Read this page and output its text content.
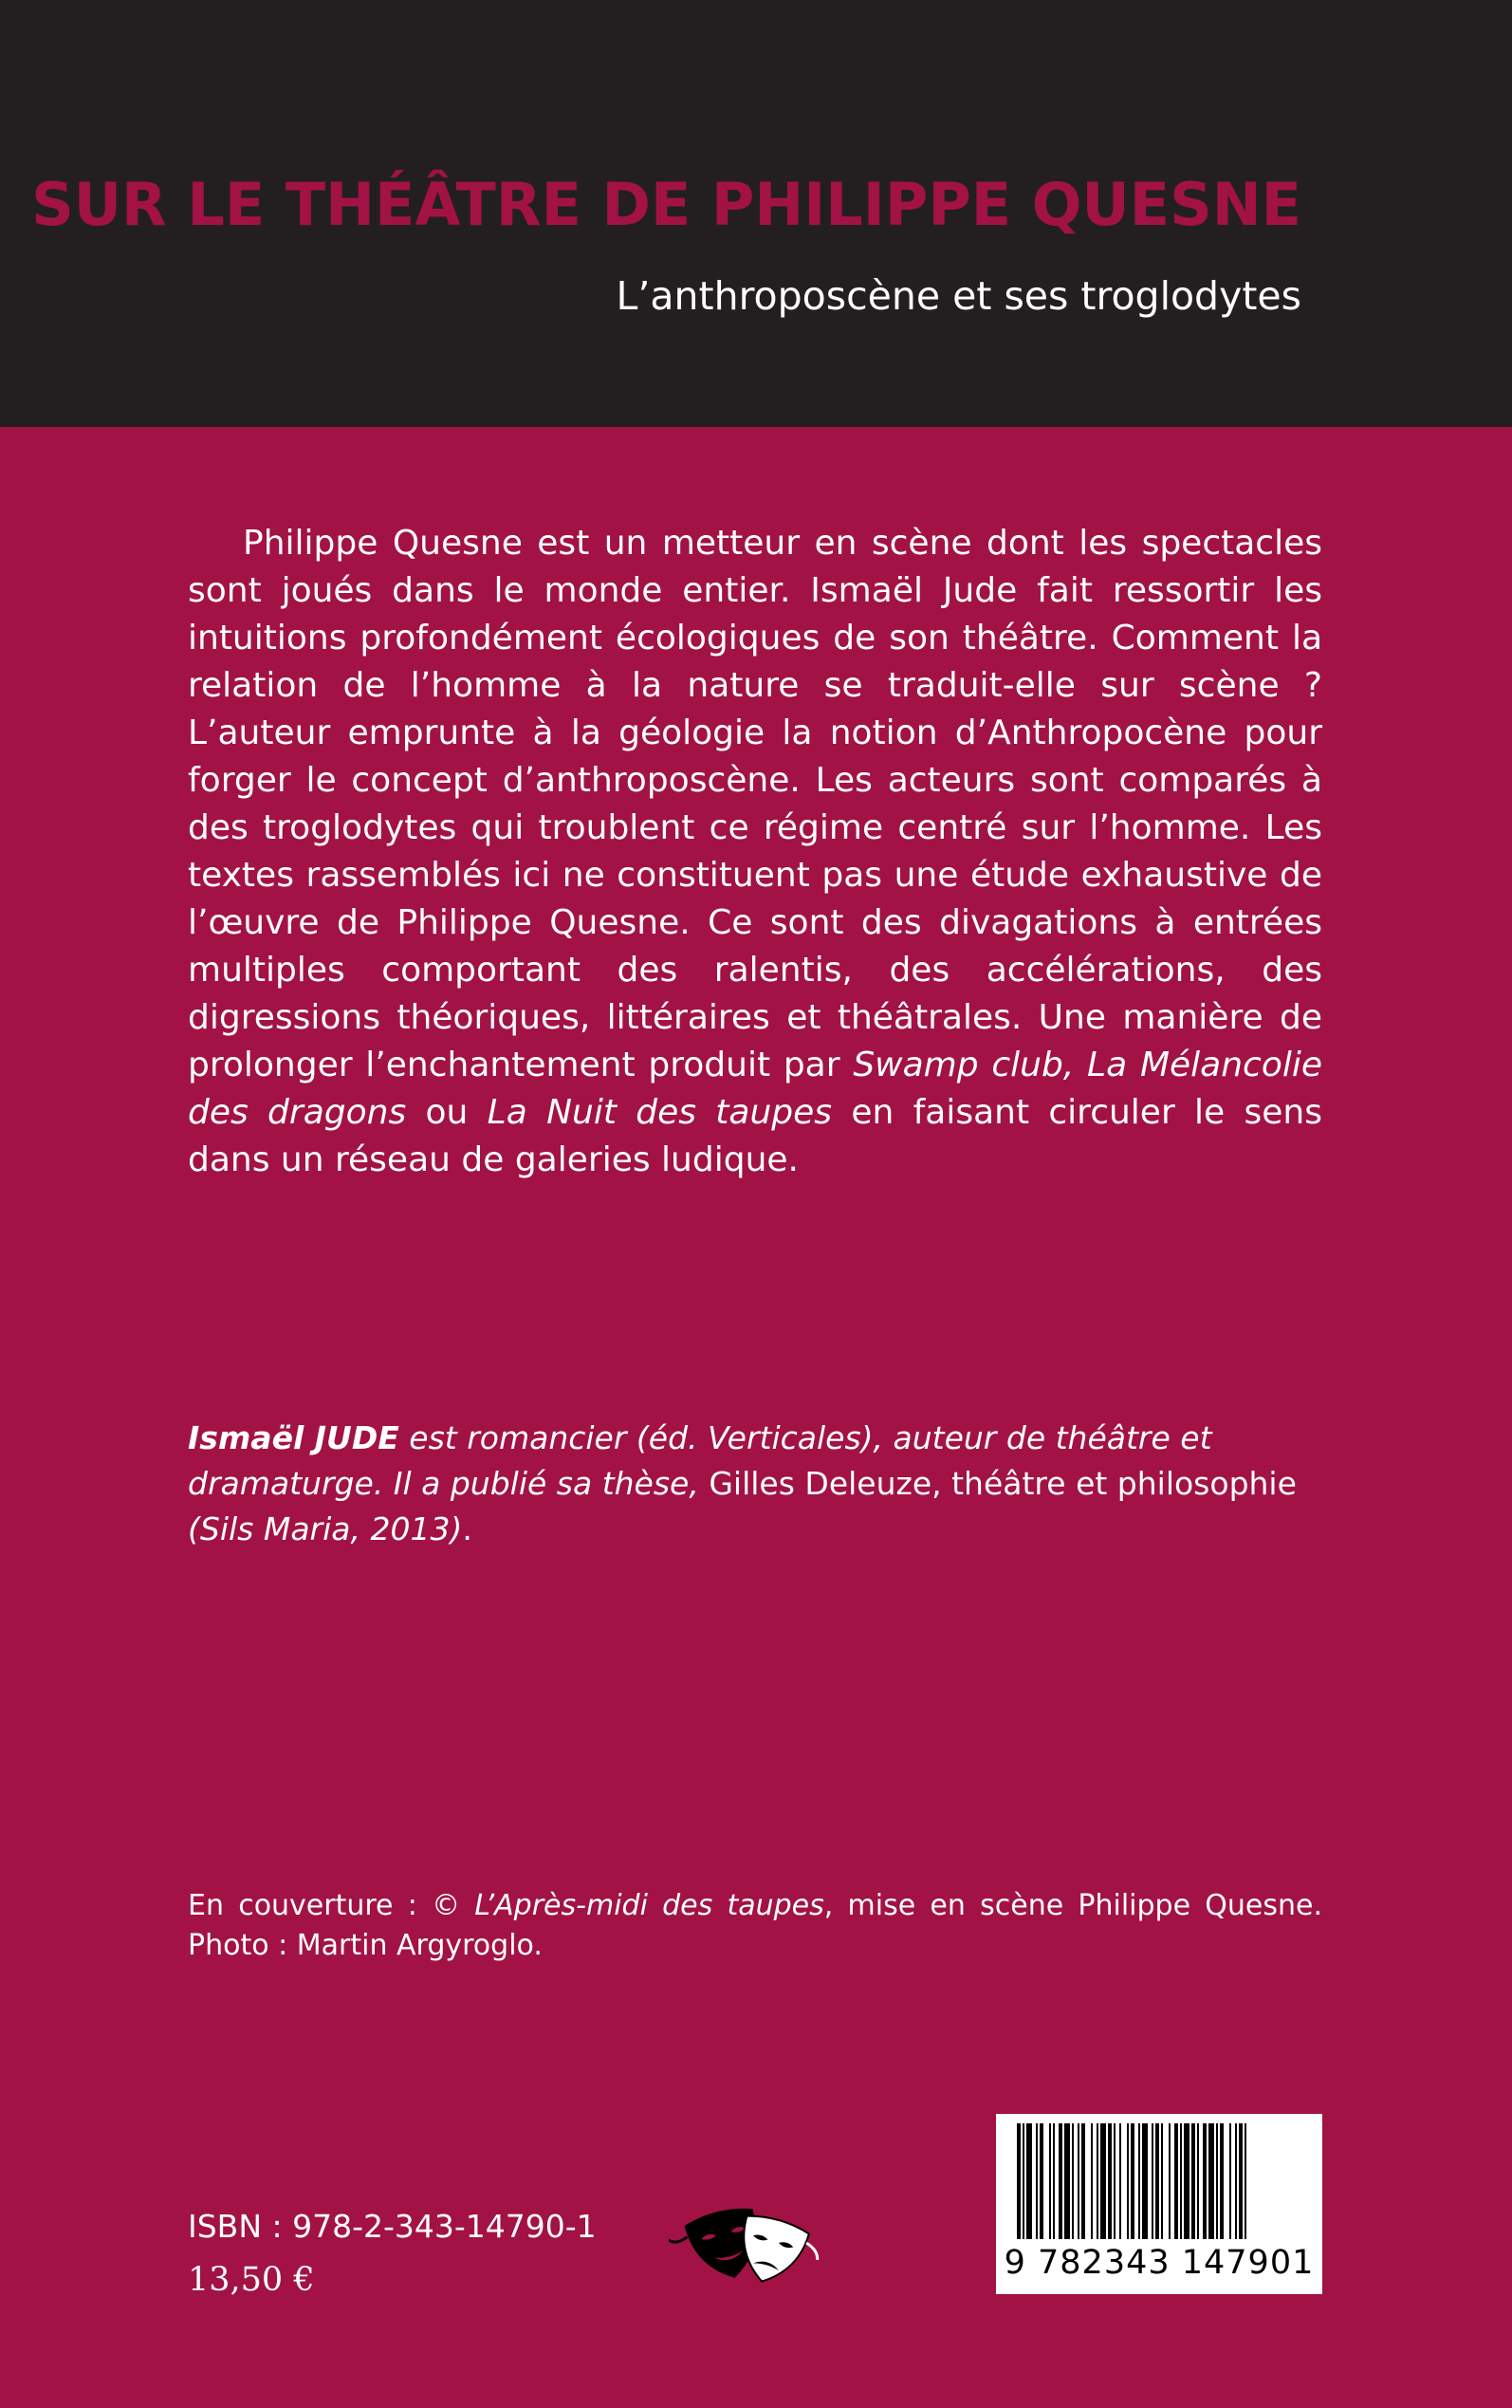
SUR LE THÉÂTRE DE PHILIPPE QUESNE
L’anthroposcène et ses troglodytes

Philippe Quesne est un metteur en scène dont les spectacles sont joués dans le monde entier. Ismaël Jude fait ressortir les intuitions profondément écologiques de son théâtre. Comment la relation de l’homme à la nature se traduit-elle sur scène ? L’auteur emprunte à la géologie la notion d’Anthropocène pour forger le concept d’anthroposcène. Les acteurs sont comparés à des troglodytes qui troublent ce régime centré sur l’homme. Les textes rassemblés ici ne constituent pas une étude exhaustive de l’œuvre de Philippe Quesne. Ce sont des divagations à entrées multiples comportant des ralentis, des accélérations, des digressions théoriques, littéraires et théâtrales. Une manière de prolonger l’enchantement produit par Swamp club, La Mélancolie des dragons ou La Nuit des taupes en faisant circuler le sens dans un réseau de galeries ludique.

Ismaël JUDE est romancier (éd. Verticales), auteur de théâtre et dramaturge. Il a publié sa thèse, Gilles Deleuze, théâtre et philosophie (Sils Maria, 2013).

En couverture : © L’Après-midi des taupes, mise en scène Philippe Quesne. Photo : Martin Argyroglo.

9 782343 147901

ISBN : 978-2-343-14790-1

13,50 €
